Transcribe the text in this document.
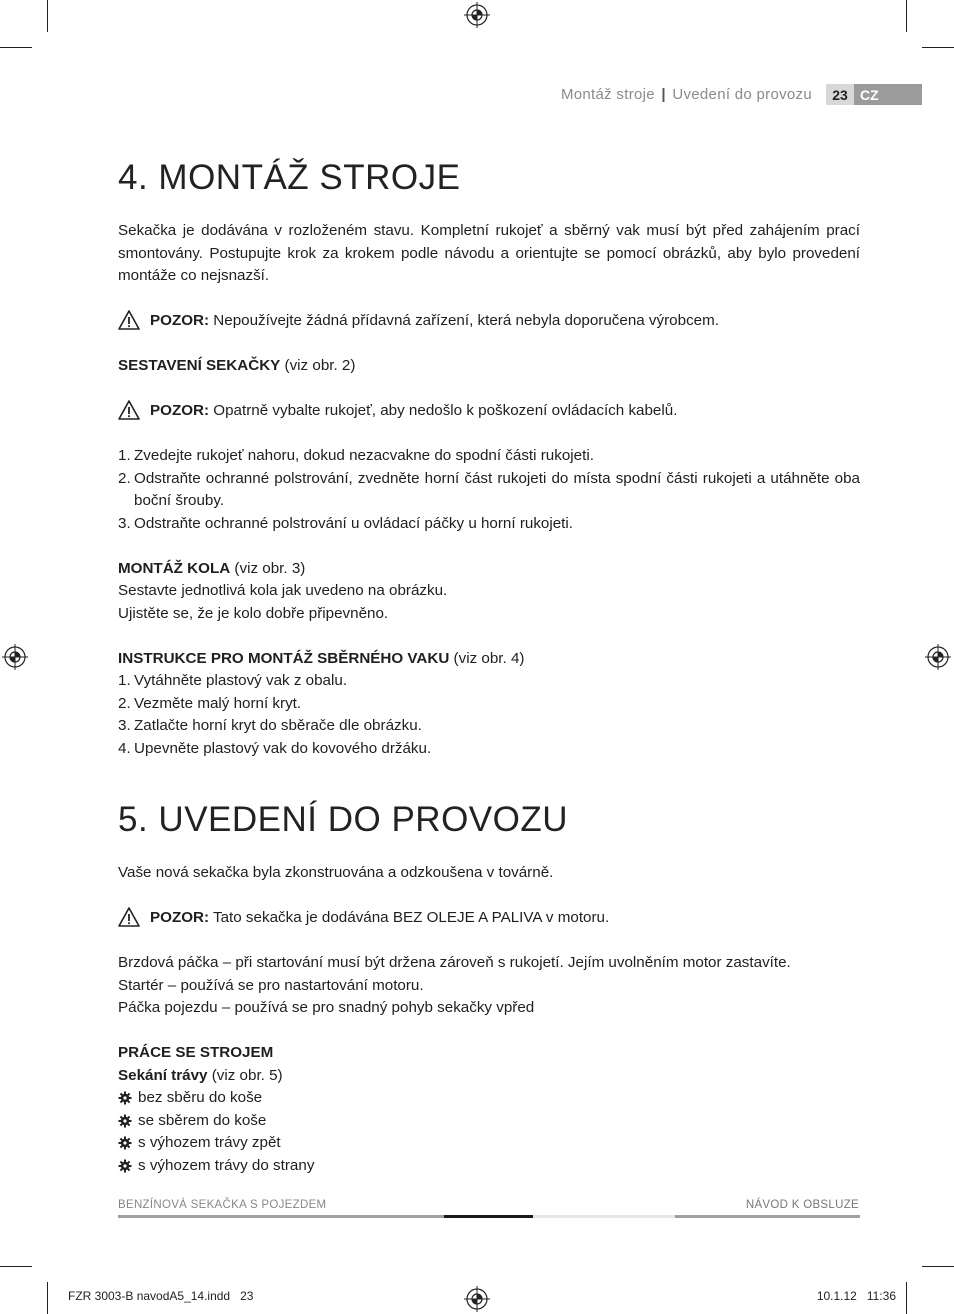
Montáž stroje | Uvedení do provozu	23 CZ
4. MONTÁŽ STROJE

Sekačka je dodávána v rozloženém stavu. Kompletní rukojeť a sběrný vak musí být před zahájením prací smontovány. Postupujte krok za krokem podle návodu a orientujte se pomocí obrázků, aby bylo provedení montáže co nejsnazší.

POZOR: Nepoužívejte žádná přídavná zařízení, která nebyla doporučena výrobcem.

SESTAVENÍ SEKAČKY (viz obr. 2)

POZOR: Opatrně vybalte rukojeť, aby nedošlo k poškození ovládacích kabelů.

1. Zvedejte rukojeť nahoru, dokud nezacvakne do spodní části rukojeti.
2. Odstraňte ochranné polstrování, zvedněte horní část rukojeti do místa spodní části rukojeti a utáhněte oba boční šrouby.
3. Odstraňte ochranné polstrování u ovládací páčky u horní rukojeti.

MONTÁŽ KOLA (viz obr. 3)

Sestavte jednotlivá kola jak uvedeno na obrázku.

Ujistěte se, že je kolo dobře připevněno.

INSTRUKCE PRO MONTÁŽ SBĚRNÉHO VAKU (viz obr. 4)

1. Vytáhněte plastový vak z obalu.
2. Vezměte malý horní kryt.
3. Zatlačte horní kryt do sběrače dle obrázku.
4. Upevněte plastový vak do kovového držáku.
5. UVEDENÍ DO PROVOZU

Vaše nová sekačka byla zkonstruována a odzkoušena v továrně.

POZOR: Tato sekačka je dodávána BEZ OLEJE A PALIVA v motoru.

Brzdová páčka – při startování musí být držena zároveň s rukojetí. Jejím uvolněním motor zastavíte.

Startér – používá se pro nastartování motoru.

Páčka pojezdu – používá se pro snadný pohyb sekačky vpřed

PRÁCE SE STROJEM

Sekání trávy (viz obr. 5)

bez sběru do koše
se sběrem do koše
s výhozem trávy zpět
s výhozem trávy do strany
BENZÍNOVÁ SEKAČKA S POJEZDEM	NÁVOD K OBSLUZE
FZR 3003-B navodA5_14.indd   23	10.1.12   11:36
